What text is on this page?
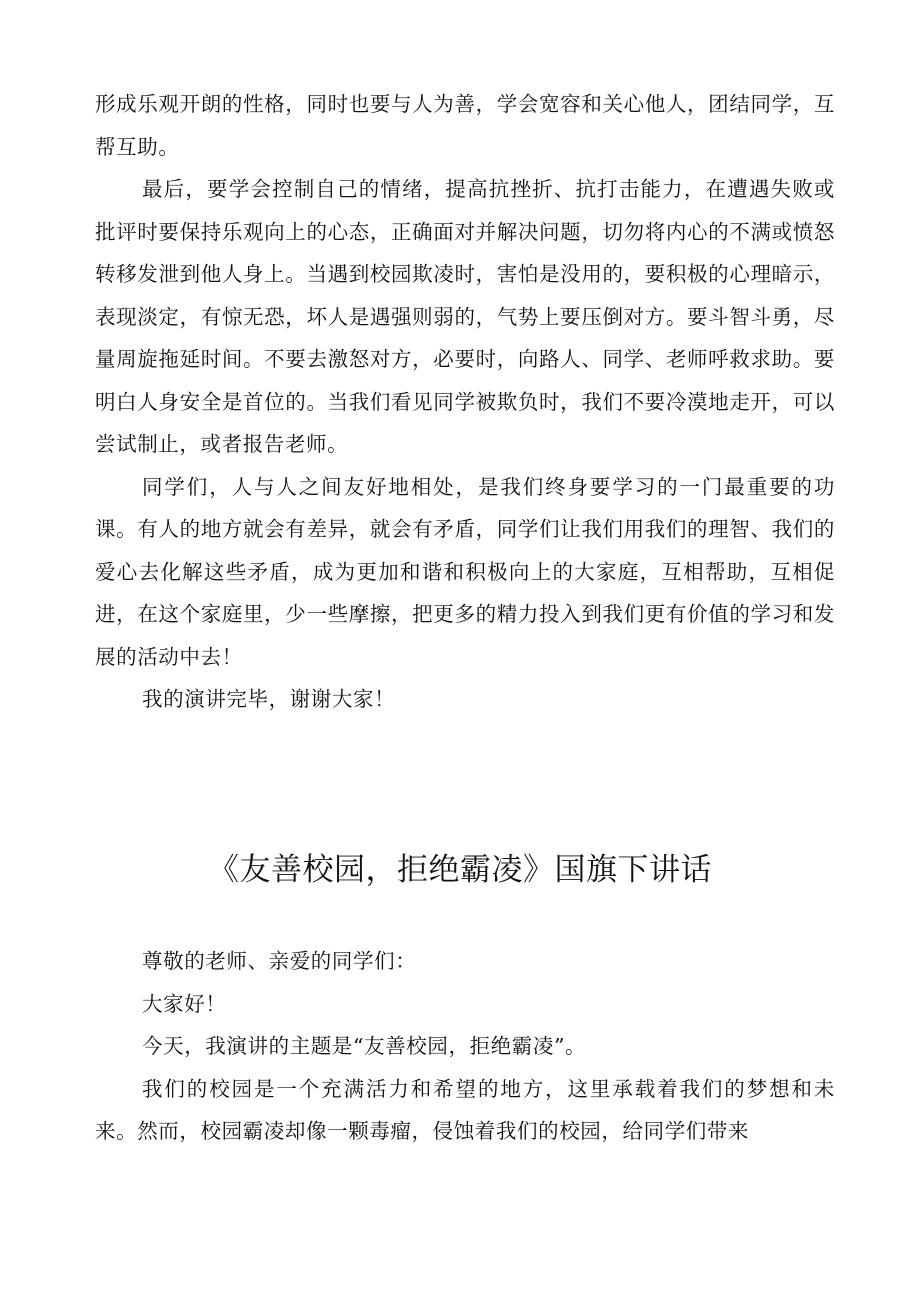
形成乐观开朗的性格，同时也要与人为善，学会宽容和关心他人，团结同学，互帮互助。

最后，要学会控制自己的情绪，提高抗挫折、抗打击能力，在遭遇失败或批评时要保持乐观向上的心态，正确面对并解决问题，切勿将内心的不满或愤怒转移发泄到他人身上。当遇到校园欺凌时，害怕是没用的，要积极的心理暗示，表现淡定，有惊无恐，坏人是遇强则弱的，气势上要压倒对方。要斗智斗勇，尽量周旋拖延时间。不要去激怒对方，必要时，向路人、同学、老师呼救求助。要明白人身安全是首位的。当我们看见同学被欺负时，我们不要冷漠地走开，可以尝试制止，或者报告老师。

同学们，人与人之间友好地相处，是我们终身要学习的一门最重要的功课。有人的地方就会有差异，就会有矛盾，同学们让我们用我们的理智、我们的爱心去化解这些矛盾，成为更加和谐和积极向上的大家庭，互相帮助，互相促进，在这个家庭里，少一些摩擦，把更多的精力投入到我们更有价值的学习和发展的活动中去！

我的演讲完毕，谢谢大家！

《友善校园，拒绝霸凌》国旗下讲话

尊敬的老师、亲爱的同学们：

大家好！

今天，我演讲的主题是“友善校园，拒绝霸凌”。

我们的校园是一个充满活力和希望的地方，这里承载着我们的梦想和未来。然而，校园霸凌却像一颗毒瘤，侵蚀着我们的校园，给同学们带来
